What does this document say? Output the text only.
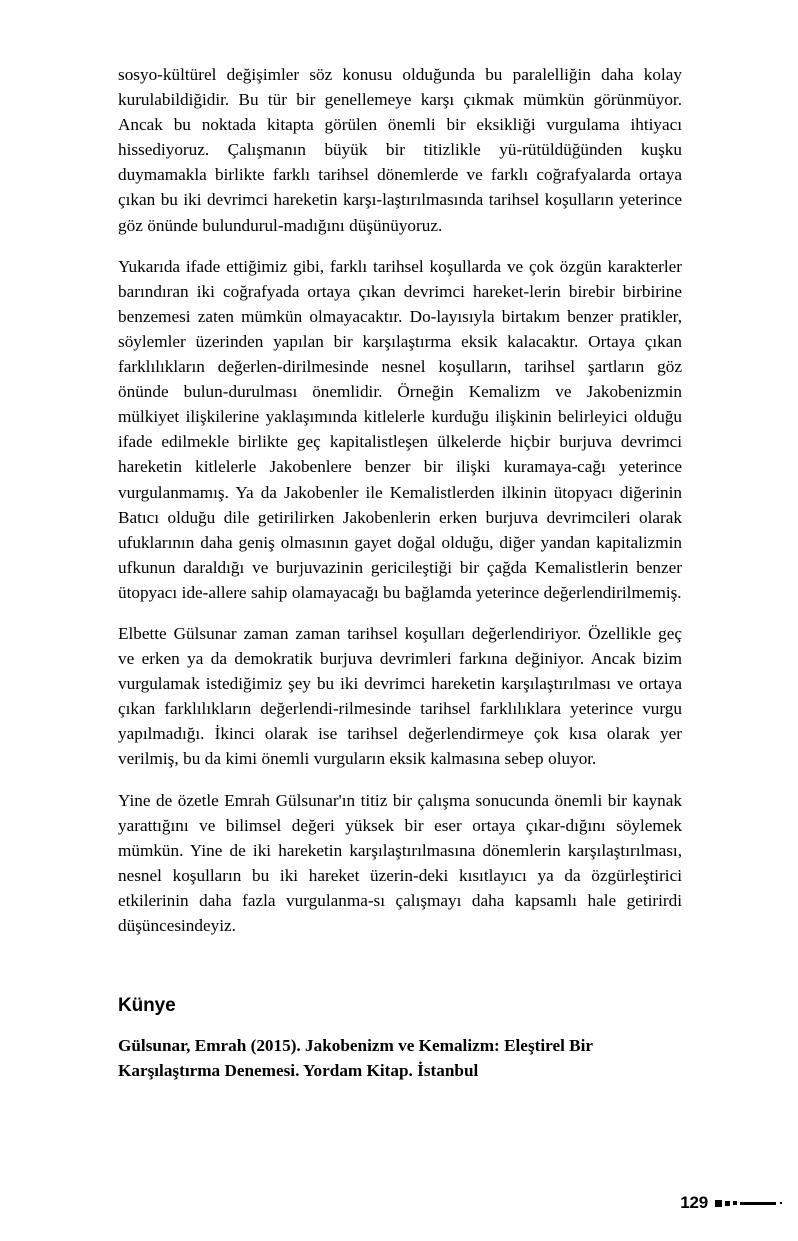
sosyo-kültürel değişimler söz konusu olduğunda bu paralelliğin daha kolay kurulabildiğidir. Bu tür bir genellemeye karşı çıkmak mümkün görünmüyor. Ancak bu noktada kitapta görülen önemli bir eksikliği vurgulama ihtiyacı hissediyoruz. Çalışmanın büyük bir titizlikle yü-rütüldüğünden kuşku duymamakla birlikte farklı tarihsel dönemlerde ve farklı coğrafyalarda ortaya çıkan bu iki devrimci hareketin karşı-laştırılmasında tarihsel koşulların yeterince göz önünde bulundurul-madığını düşünüyoruz.

Yukarıda ifade ettiğimiz gibi, farklı tarihsel koşullarda ve çok özgün karakterler barındıran iki coğrafyada ortaya çıkan devrimci hareket-lerin birebir birbirine benzemesi zaten mümkün olmayacaktır. Do-layısıyla birtakım benzer pratikler, söylemler üzerinden yapılan bir karşılaştırma eksik kalacaktır. Ortaya çıkan farklılıkların değerlen-dirilmesinde nesnel koşulların, tarihsel şartların göz önünde bulun-durulması önemlidir. Örneğin Kemalizm ve Jakobenizmin mülkiyet ilişkilerine yaklaşımında kitlelerle kurduğu ilişkinin belirleyici olduğu ifade edilmekle birlikte geç kapitalistleşen ülkelerde hiçbir burjuva devrimci hareketin kitlelerle Jakobenlere benzer bir ilişki kuramaya-cağı yeterince vurgulanmamış. Ya da Jakobenler ile Kemalistlerden ilkinin ütopyacı diğerinin Batıcı olduğu dile getirilirken Jakobenlerin erken burjuva devrimcileri olarak ufuklarının daha geniş olmasının gayet doğal olduğu, diğer yandan kapitalizmin ufkunun daraldığı ve burjuvazinin gericileştiği bir çağda Kemalistlerin benzer ütopyacı ide-allere sahip olamayacağı bu bağlamda yeterince değerlendirilmemiş.

Elbette Gülsunar zaman zaman tarihsel koşulları değerlendiriyor. Özellikle geç ve erken ya da demokratik burjuva devrimleri farkına değiniyor. Ancak bizim vurgulamak istediğimiz şey bu iki devrimci hareketin karşılaştırılması ve ortaya çıkan farklılıkların değerlendi-rilmesinde tarihsel farklılıklara yeterince vurgu yapılmadığı. İkinci olarak ise tarihsel değerlendirmeye çok kısa olarak yer verilmiş, bu da kimi önemli vurguların eksik kalmasına sebep oluyor.

Yine de özetle Emrah Gülsunar'ın titiz bir çalışma sonucunda önemli bir kaynak yarattığını ve bilimsel değeri yüksek bir eser ortaya çıkar-dığını söylemek mümkün. Yine de iki hareketin karşılaştırılmasına dönemlerin karşılaştırılması, nesnel koşulların bu iki hareket üzerin-deki kısıtlayıcı ya da özgürleştirici etkilerinin daha fazla vurgulanma-sı çalışmayı daha kapsamlı hale getirirdi düşüncesindeyiz.

Künye

Gülsunar, Emrah (2015). Jakobenizm ve Kemalizm: Eleştirel Bir Karşılaştırma Denemesi. Yordam Kitap. İstanbul

129
